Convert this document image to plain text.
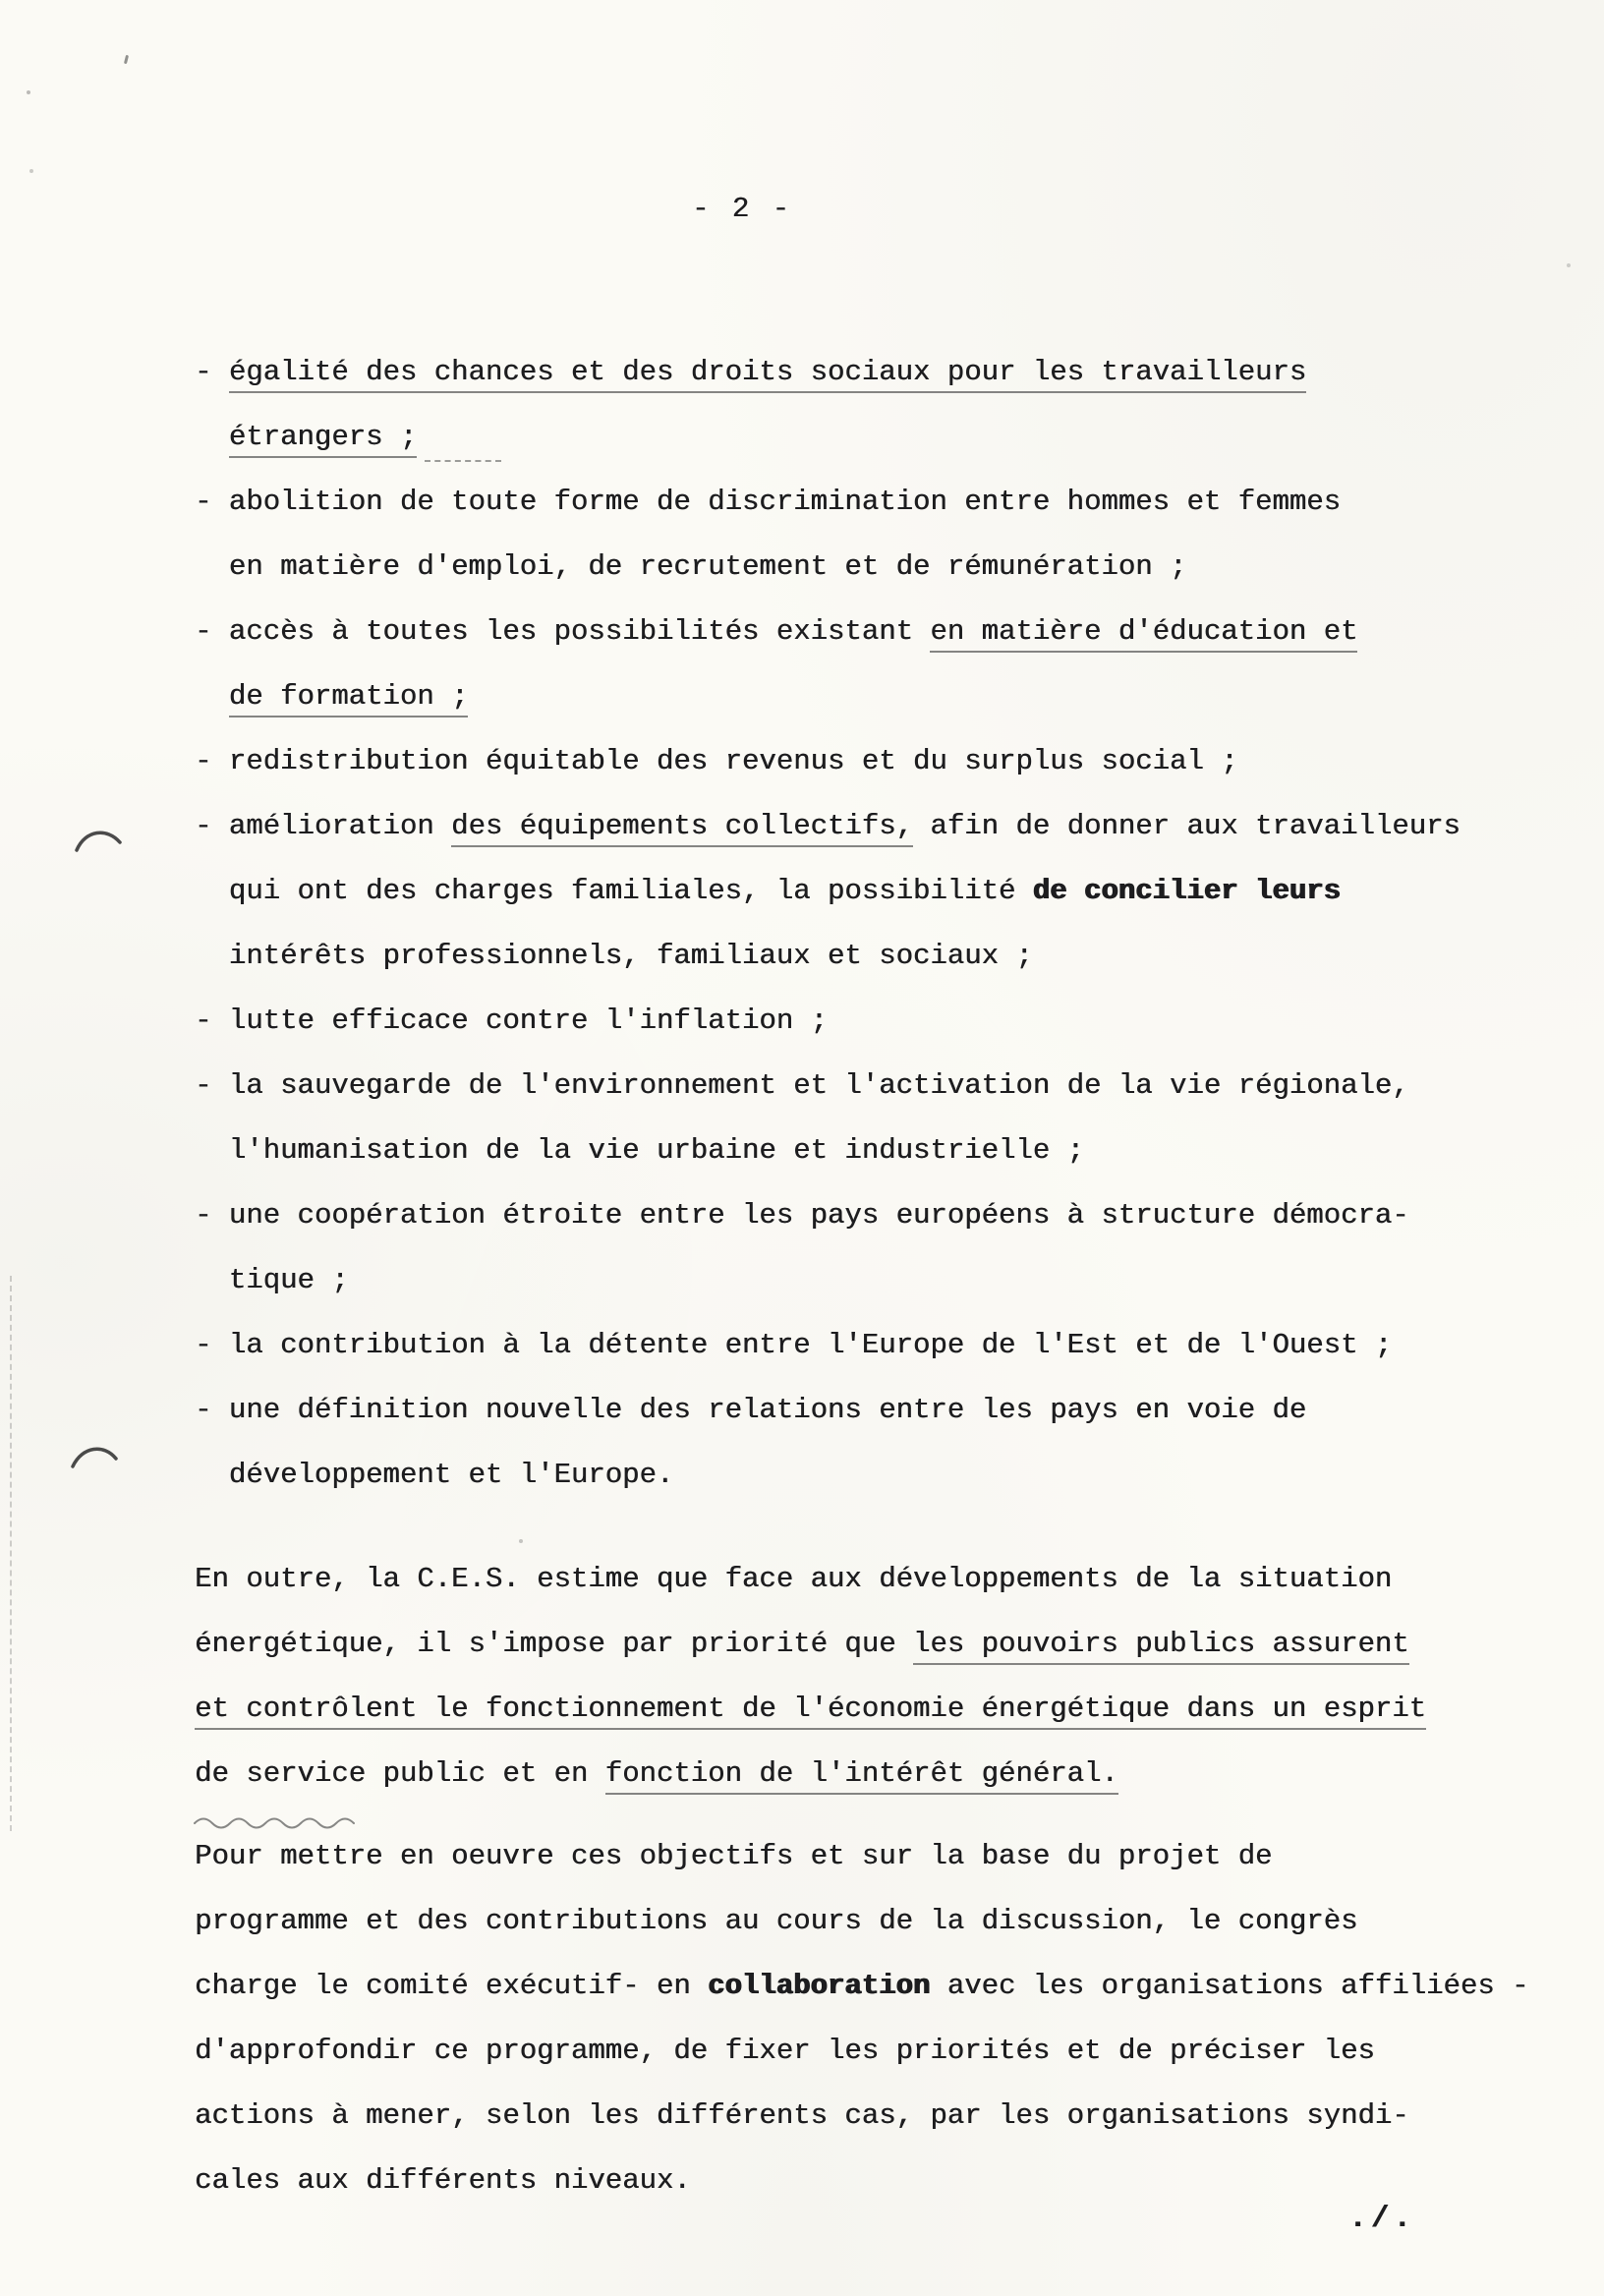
- 2 -
- égalité des chances et des droits sociaux pour les travailleurs
étrangers ;
- abolition de toute forme de discrimination entre hommes et femmes
en matière d'emploi, de recrutement et de rémunération ;
- accès à toutes les possibilités existant en matière d'éducation et
de formation ;
- redistribution équitable des revenus et du surplus social ;
- amélioration des équipements collectifs, afin de donner aux travailleurs
qui ont des charges familiales, la possibilité de concilier leurs
intérêts professionnels, familiaux et sociaux ;
- lutte efficace contre l'inflation ;
- la sauvegarde de l'environnement et l'activation de la vie régionale,
l'humanisation de la vie urbaine et industrielle ;
- une coopération étroite entre les pays européens à structure démocra-
tique ;
- la contribution à la détente entre l'Europe de l'Est et de l'Ouest ;
- une définition nouvelle des relations entre les pays en voie de
développement et l'Europe.
En outre, la C.E.S. estime que face aux développements de la situation
énergétique, il s'impose par priorité que les pouvoirs publics assurent
et contrôlent le fonctionnement de l'économie énergétique dans un esprit
de service public et en fonction de l'intérêt général.
Pour mettre en oeuvre ces objectifs et sur la base du projet de
programme et des contributions au cours de la discussion, le congrès
charge le comité exécutif- en collaboration avec les organisations affiliées -
d'approfondir ce programme, de fixer les priorités et de préciser les
actions à mener, selon les différents cas, par les organisations syndi-
cales aux différents niveaux.
./.
